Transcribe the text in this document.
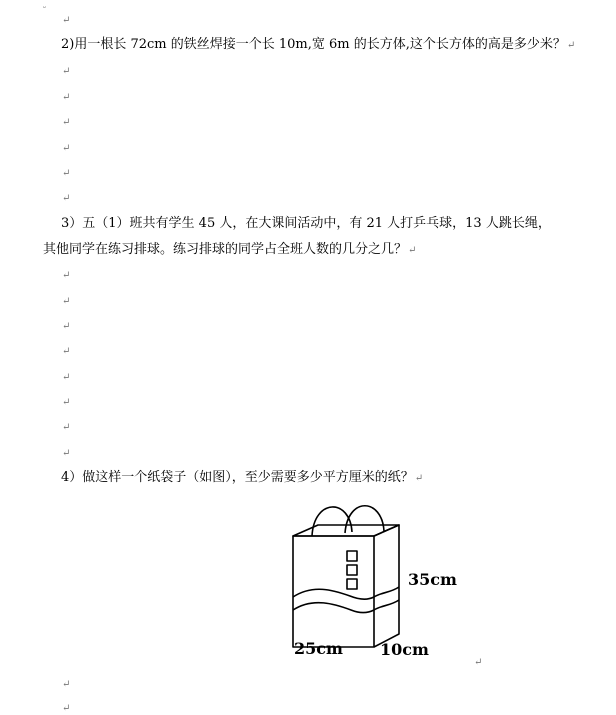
˽
↵
2)用一根长 72cm 的铁丝焊接一个长 10m,宽 6m 的长方体,这个长方体的高是多少米？↵
↵
↵
↵
↵
↵
↵
3）五（1）班共有学生 45 人，在大课间活动中，有 21 人打乒乓球，13 人跳长绳，
其他同学在练习排球。练习排球的同学占全班人数的几分之几？↵
↵
↵
↵
↵
↵
↵
↵
↵
4）做这样一个纸袋子（如图），至少需要多少平方厘米的纸？↵
35cm
25cm 10cm
↵
↵
↵
